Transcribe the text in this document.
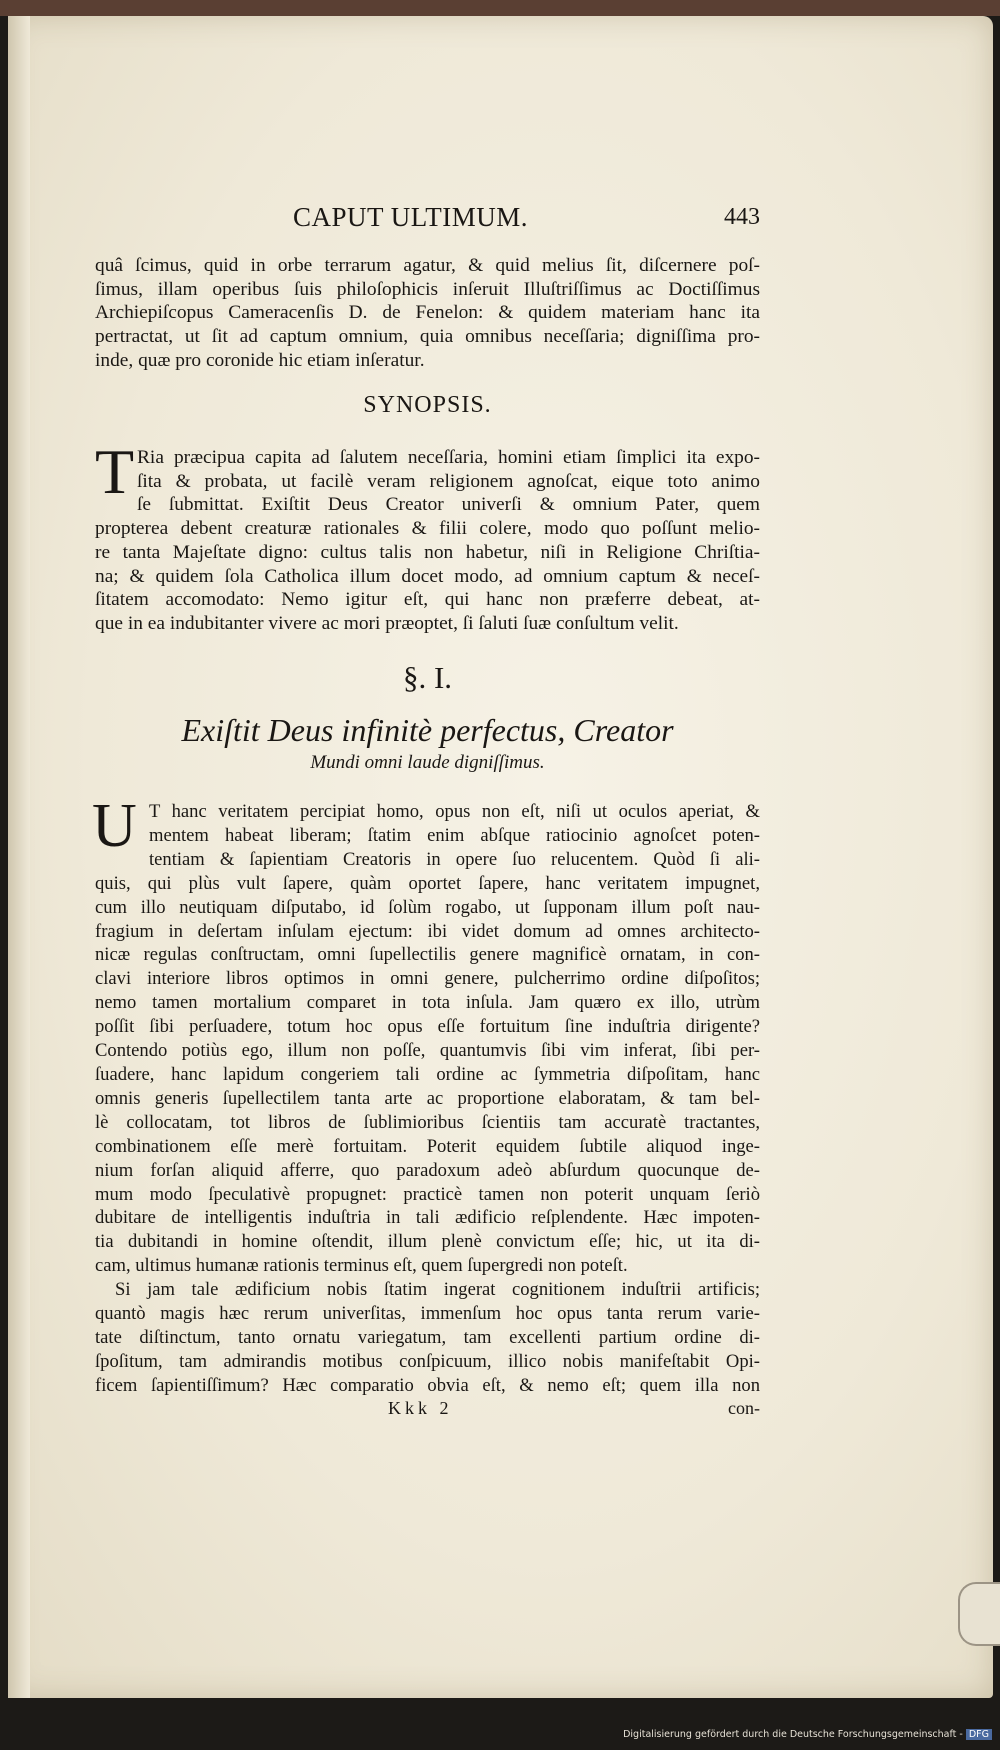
CAPUT ULTIMUM.	443
quâ ſcimus, quid in orbe terrarum agatur, & quid melius ſit, diſcernere poſ-
ſimus, illam operibus ſuis philoſophicis inſeruit Illuſtriſſimus ac Doctiſſimus
Archiepiſcopus Cameracenſis D. de Fenelon: & quidem materiam hanc ita
pertractat, ut ſit ad captum omnium, quia omnibus neceſſaria; digniſſima pro-
inde, quæ pro coronide hic etiam inſeratur.
SYNOPSIS.
T Ria præcipua capita ad ſalutem neceſſaria, homini etiam ſimplici ita expo-
ſita & probata, ut facilè veram religionem agnoſcat, eique toto animo
ſe ſubmittat. Exiſtit Deus Creator univerſi & omnium Pater, quem
propterea debent creaturæ rationales & filii colere, modo quo poſſunt melio-
re tanta Majeſtate digno: cultus talis non habetur, niſi in Religione Chriſtia-
na; & quidem ſola Catholica illum docet modo, ad omnium captum & neceſ-
ſitatem accomodato: Nemo igitur eſt, qui hanc non præferre debeat, at-
que in ea indubitanter vivere ac mori præoptet, ſi ſaluti ſuæ conſultum velit.
§. I.
Exiſtit Deus infinitè perfectus, Creator
Mundi omni laude digniſſimus.
U T hanc veritatem percipiat homo, opus non eſt, niſi ut oculos aperiat, &
mentem habeat liberam; ſtatim enim abſque ratiocinio agnoſcet poten-
tentiam & ſapientiam Creatoris in opere ſuo relucentem. Quòd ſi ali-
quis, qui plùs vult ſapere, quàm oportet ſapere, hanc veritatem impugnet,
cum illo neutiquam diſputabo, id ſolùm rogabo, ut ſupponam illum poſt nau-
fragium in deſertam inſulam ejectum: ibi videt domum ad omnes architecto-
nicæ regulas conſtructam, omni ſupellectilis genere magnificè ornatam, in con-
clavi interiore libros optimos in omni genere, pulcherrimo ordine diſpoſitos;
nemo tamen mortalium comparet in tota inſula. Jam quæro ex illo, utrùm
poſſit ſibi perſuadere, totum hoc opus eſſe fortuitum ſine induſtria dirigente?
Contendo potiùs ego, illum non poſſe, quantumvis ſibi vim inferat, ſibi per-
ſuadere, hanc lapidum congeriem tali ordine ac ſymmetria diſpoſitam, hanc
omnis generis ſupellectilem tanta arte ac proportione elaboratam, & tam bel-
lè collocatam, tot libros de ſublimioribus ſcientiis tam accuratè tractantes,
combinationem eſſe merè fortuitam. Poterit equidem ſubtile aliquod inge-
nium forſan aliquid afferre, quo paradoxum adeò abſurdum quocunque de-
mum modo ſpeculativè propugnet: practicè tamen non poterit unquam ſeriò
dubitare de intelligentis induſtria in tali ædificio reſplendente. Hæc impoten-
tia dubitandi in homine oſtendit, illum plenè convictum eſſe; hic, ut ita di-
cam, ultimus humanæ rationis terminus eſt, quem ſupergredi non poteſt.
Si jam tale ædificium nobis ſtatim ingerat cognitionem induſtrii artificis;
quantò magis hæc rerum univerſitas, immenſum hoc opus tanta rerum varie-
tate diſtinctum, tanto ornatu variegatum, tam excellenti partium ordine di-
ſpoſitum, tam admirandis motibus conſpicuum, illico nobis manifeſtabit Opi-
ficem ſapientiſſimum? Hæc comparatio obvia eſt, & nemo eſt; quem illa non
Kkk 2	con-
Digitalisierung gefördert durch die Deutsche Forschungsgemeinschaft - DFG
